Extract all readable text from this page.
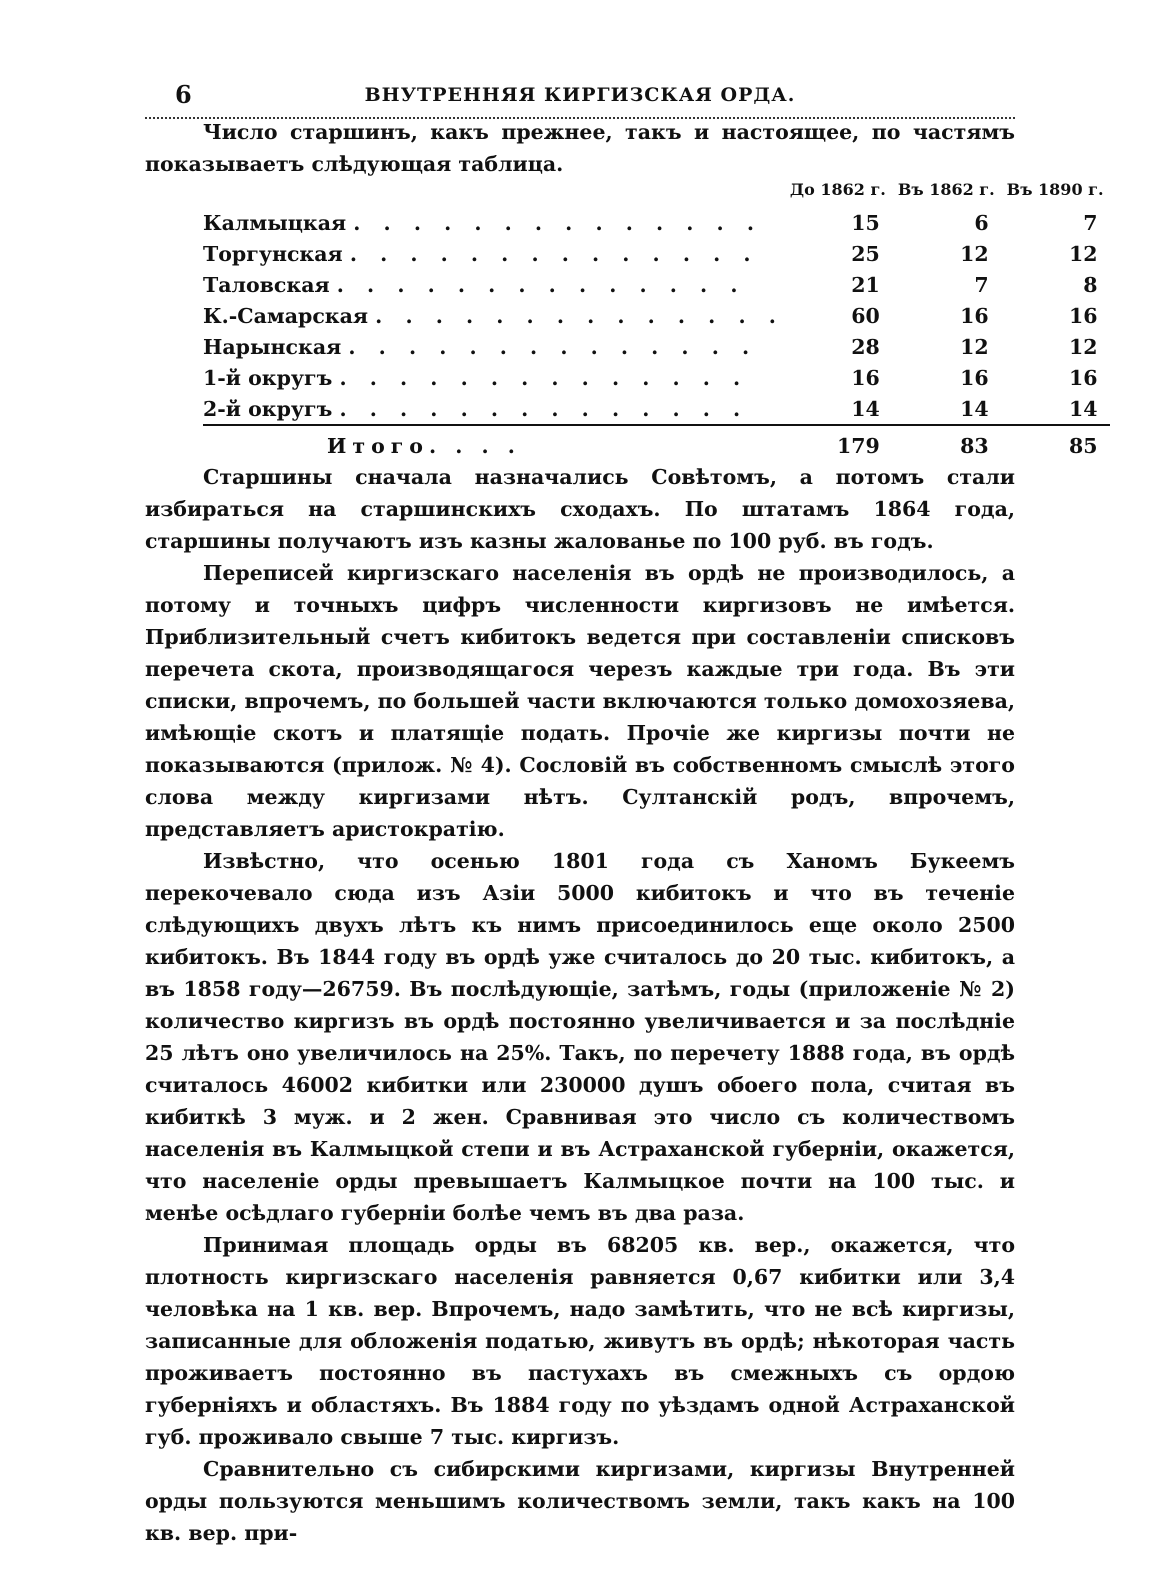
6	ВНУТРЕННЯЯ КИРГИЗСКАЯ ОРДА.

Число старшинъ, какъ прежнее, такъ и настоящее, по частямъ показываетъ слѣдующая таблица.

	До 1862 г.	Въ 1862 г.	Въ 1890 г.
Калмыцкая . . . . . . . . . . . . . .	15	6	7
Торгунская . . . . . . . . . . . . . .	25	12	12
Таловская . . . . . . . . . . . . . .	21	7	8
К.-Самарская . . . . . . . . . . . . . .	60	16	16
Нарынская . . . . . . . . . . . . . .	28	12	12
1-й округъ . . . . . . . . . . . . . .	16	16	16
2-й округъ . . . . . . . . . . . . . .	14	14	14
Итого. . . .	179	83	85

Старшины сначала назначались Совѣтомъ, а потомъ стали избираться на старшинскихъ сходахъ. По штатамъ 1864 года, старшины получаютъ изъ казны жалованье по 100 руб. въ годъ.

Переписей киргизскаго населенія въ ордѣ не производилось, а потому и точныхъ цифръ численности киргизовъ не имѣется. Приблизительный счетъ кибитокъ ведется при составленіи списковъ перечета скота, производящагося черезъ каждые три года. Въ эти списки, впрочемъ, по большей части включаются только домохозяева, имѣющіе скотъ и платящіе подать. Прочіе же киргизы почти не показываются (прилож. № 4). Сословій въ собственномъ смыслѣ этого слова между киргизами нѣтъ. Султанскій родъ, впрочемъ, представляетъ аристократію.

Извѣстно, что осенью 1801 года съ Ханомъ Букеемъ перекочевало сюда изъ Азіи 5000 кибитокъ и что въ теченіе слѣдующихъ двухъ лѣтъ къ нимъ присоединилось еще около 2500 кибитокъ. Въ 1844 году въ ордѣ уже считалось до 20 тыс. кибитокъ, а въ 1858 году—26759. Въ послѣдующіе, затѣмъ, годы (приложеніе № 2) количество киргизъ въ ордѣ постоянно увеличивается и за послѣдніе 25 лѣтъ оно увеличилось на 25%. Такъ, по перечету 1888 года, въ ордѣ считалось 46002 кибитки или 230000 душъ обоего пола, считая въ кибиткѣ 3 муж. и 2 жен. Сравнивая это число съ количествомъ населенія въ Калмыцкой степи и въ Астраханской губерніи, окажется, что населеніе орды превышаетъ Калмыцкое почти на 100 тыс. и менѣе осѣдлаго губерніи болѣе чемъ въ два раза.

Принимая площадь орды въ 68205 кв. вер., окажется, что плотность киргизскаго населенія равняется 0,67 кибитки или 3,4 человѣка на 1 кв. вер. Впрочемъ, надо замѣтить, что не всѣ киргизы, записанные для обложенія податью, живутъ въ ордѣ; нѣкоторая часть проживаетъ постоянно въ пастухахъ въ смежныхъ съ ордою губерніяхъ и областяхъ. Въ 1884 году по уѣздамъ одной Астраханской губ. проживало свыше 7 тыс. киргизъ.

Сравнительно съ сибирскими киргизами, киргизы Внутренней орды пользуются меньшимъ количествомъ земли, такъ какъ на 100 кв. вер. при-
